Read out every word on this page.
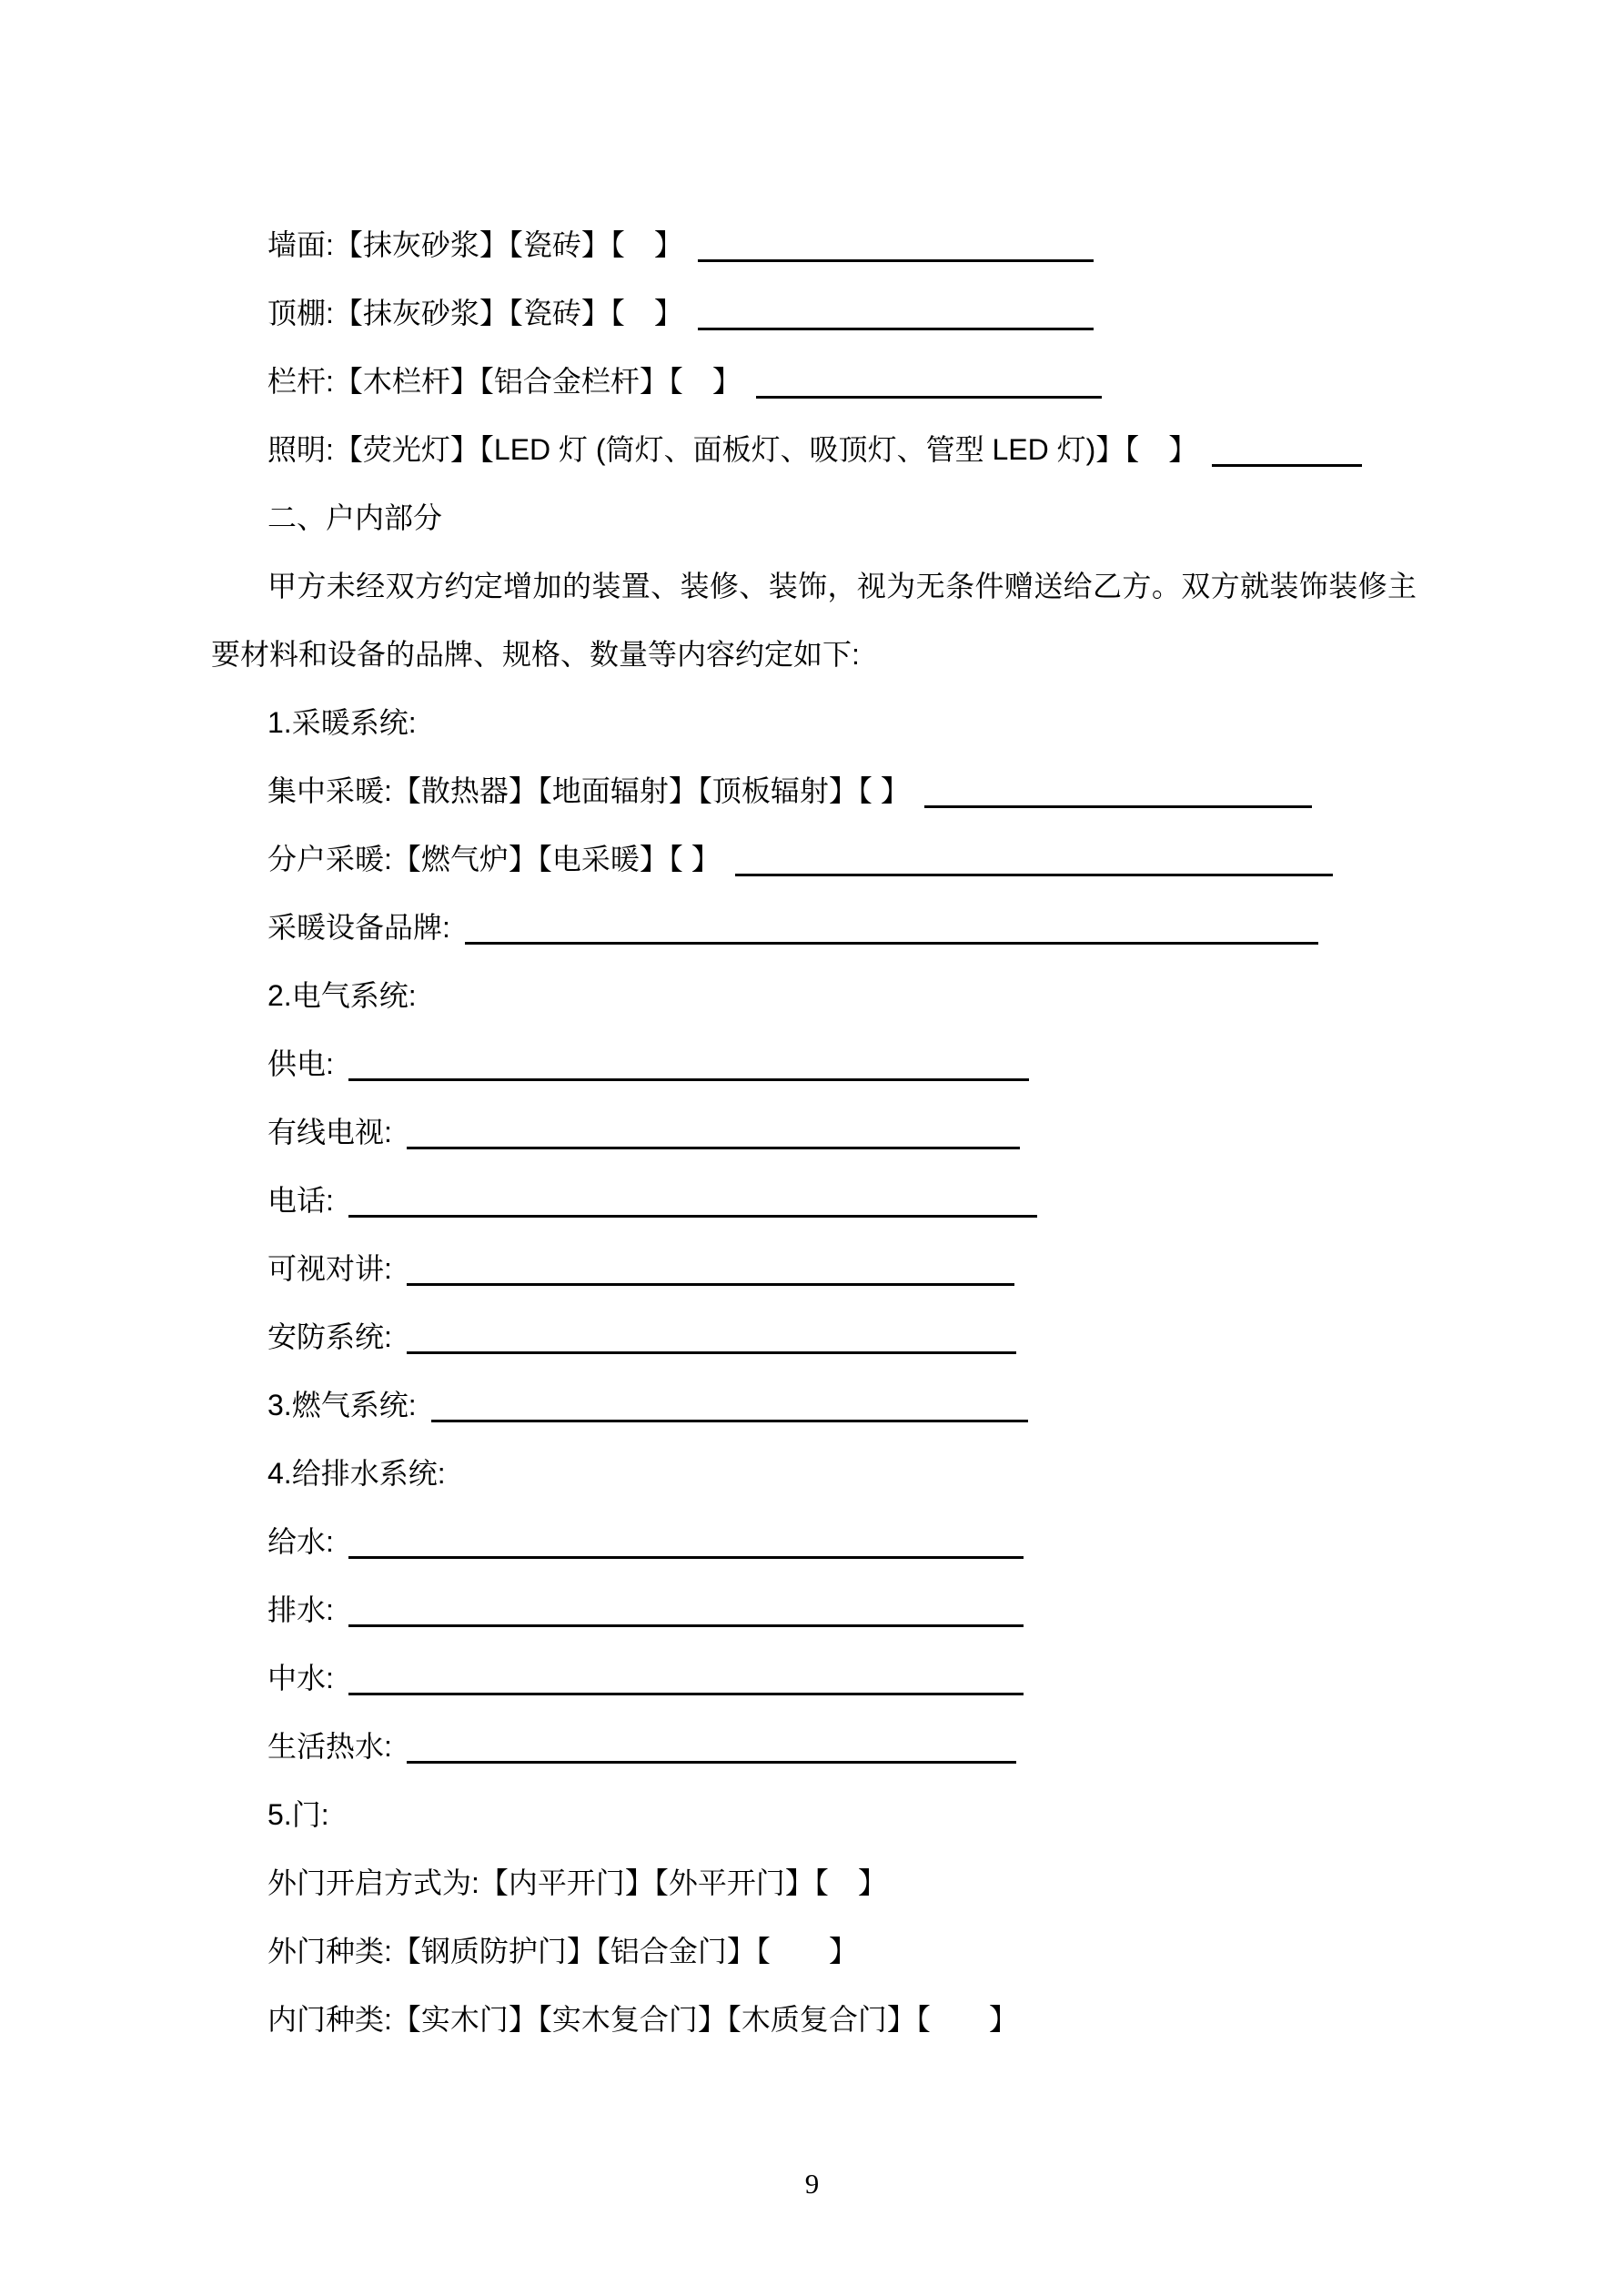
墙面:【抹灰砂浆】【瓷砖】【　】
顶棚:【抹灰砂浆】【瓷砖】【　】
栏杆:【木栏杆】【铝合金栏杆】【　】
照明:【荧光灯】【LED 灯 (筒灯、面板灯、吸顶灯、管型 LED 灯)】【　】
二、户内部分
甲方未经双方约定增加的装置、装修、装饰，视为无条件赠送给乙方。双方就装饰装修主
要材料和设备的品牌、规格、数量等内容约定如下:
1.采暖系统:
集中采暖:【散热器】【地面辐射】【顶板辐射】【 】
分户采暖:【燃气炉】【电采暖】【 】
采暖设备品牌:
2.电气系统:
供电:
有线电视:
电话:
可视对讲:
安防系统:
3.燃气系统:
4.给排水系统:
给水:
排水:
中水:
生活热水:
5.门:
外门开启方式为:【内平开门】【外平开门】【　】
外门种类:【钢质防护门】【铝合金门】【　　】
内门种类:【实木门】【实木复合门】【木质复合门】【　　】
9
